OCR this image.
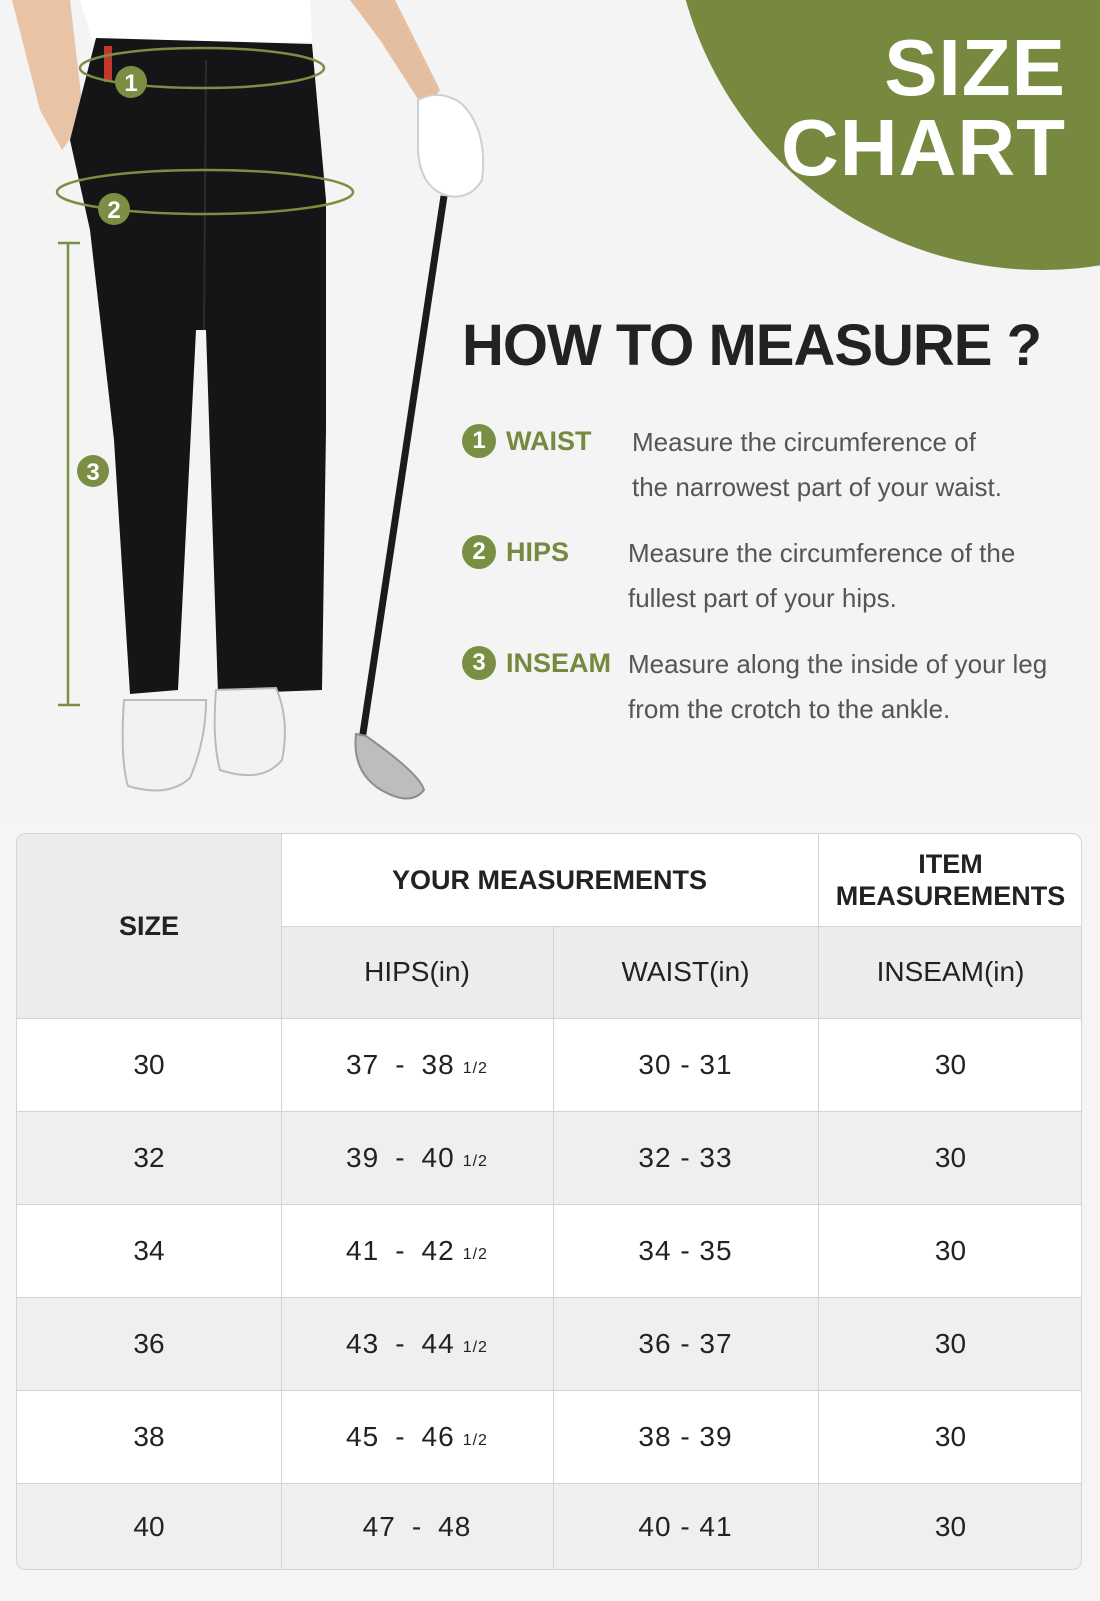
SIZE
CHART
1
2
3
HOW TO MEASURE ?
1 WAIST Measure the circumference of
the narrowest part of your waist.
2 HIPS Measure the circumference of the
fullest part of your hips.
3 INSEAM Measure along the inside of your leg
from the crotch to the ankle.
SIZE
YOUR MEASUREMENTS
ITEM
MEASUREMENTS
HIPS(in)	WAIST(in)	INSEAM(in)
30	37 - 38 1/2	30 - 31	30
32	39 - 40 1/2	32 - 33	30
34	41 - 42 1/2	34 - 35	30
36	43 - 44 1/2	36 - 37	30
38	45 - 46 1/2	38 - 39	30
40	47 - 48	40 - 41	30
